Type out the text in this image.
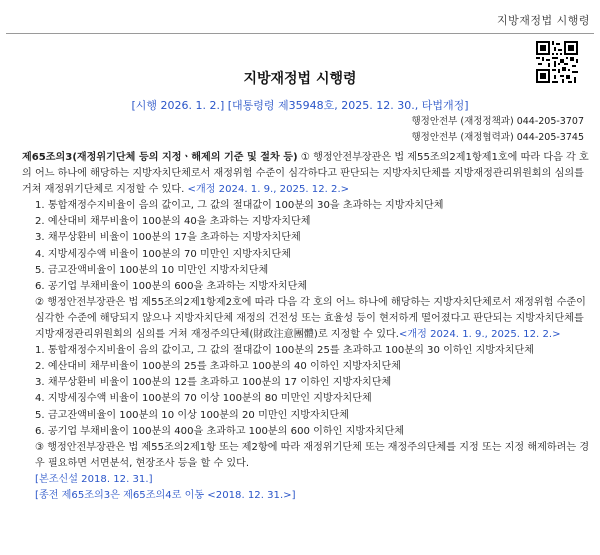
지방재정법 시행령
지방재정법 시행령
[시행 2026. 1. 2.] [대통령령 제35948호, 2025. 12. 30., 타법개정]
행정안전부 (재정정책과) 044-205-3707
행정안전부 (재정협력과) 044-205-3745

제65조의3(재정위기단체 등의 지정ㆍ해제의 기준 및 절차 등) ① 행정안전부장관은 법 제55조의2제1항제1호에 따라 다음 각 호의 어느 하나에 해당하는 지방자치단체로서 재정위험 수준이 심각하다고 판단되는 지방자치단체를 지방재정관리위원회의 심의를 거쳐 재정위기단체로 지정할 수 있다. <개정 2024. 1. 9., 2025. 12. 2.>

1. 통합재정수지비율이 음의 값이고, 그 값의 절대값이 100분의 30을 초과하는 지방자치단체
2. 예산대비 채무비율이 100분의 40을 초과하는 지방자치단체
3. 채무상환비 비율이 100분의 17을 초과하는 지방자치단체
4. 지방세징수액 비율이 100분의 70 미만인 지방자치단체
5. 금고잔액비율이 100분의 10 미만인 지방자치단체
6. 공기업 부채비율이 100분의 600을 초과하는 지방자치단체

② 행정안전부장관은 법 제55조의2제1항제2호에 따라 다음 각 호의 어느 하나에 해당하는 지방자치단체로서 재정위험 수준이 심각한 수준에 해당되지 않으나 지방자치단체 재정의 건전성 또는 효율성 등이 현저하게 떨어졌다고 판단되는 지방자치단체를 지방재정관리위원회의 심의를 거쳐 재정주의단체(財政注意團體)로 지정할 수 있다.<개정 2024. 1. 9., 2025. 12. 2.>

1. 통합재정수지비율이 음의 값이고, 그 값의 절대값이 100분의 25를 초과하고 100분의 30 이하인 지방자치단체
2. 예산대비 채무비율이 100분의 25를 초과하고 100분의 40 이하인 지방자치단체
3. 채무상환비 비율이 100분의 12를 초과하고 100분의 17 이하인 지방자치단체
4. 지방세징수액 비율이 100분의 70 이상 100분의 80 미만인 지방자치단체
5. 금고잔액비율이 100분의 10 이상 100분의 20 미만인 지방자치단체
6. 공기업 부채비율이 100분의 400을 초과하고 100분의 600 이하인 지방자치단체

③ 행정안전부장관은 법 제55조의2제1항 또는 제2항에 따라 재정위기단체 또는 재정주의단체를 지정 또는 지정 해제하려는 경우 필요하면 서면분석, 현장조사 등을 할 수 있다.

[본조신설 2018. 12. 31.]
[종전 제65조의3은 제65조의4로 이동 <2018. 12. 31.>]
